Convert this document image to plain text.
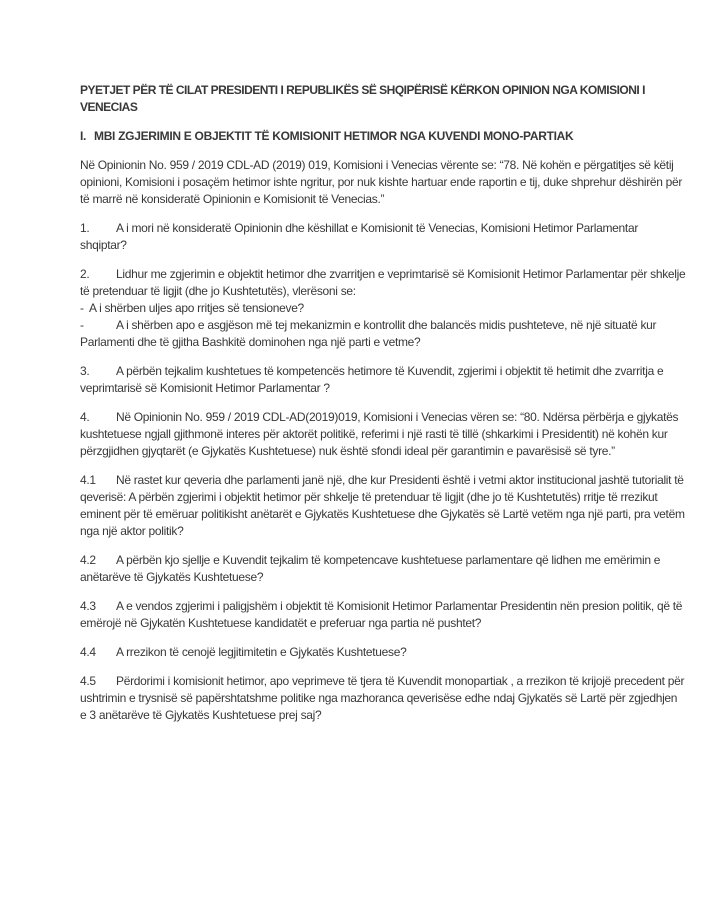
PYETJET PËR TË CILAT PRESIDENTI I REPUBLIKËS SË SHQIPËRISË KËRKON OPINION NGA KOMISIONI I VENECIAS

I. MBI ZGJERIMIN E OBJEKTIT TË KOMISIONIT HETIMOR NGA KUVENDI MONO-PARTIAK

Në Opinionin No. 959 / 2019 CDL-AD (2019) 019, Komisioni i Venecias vërente se: “78. Në kohën e përgatitjes së këtij opinioni, Komisioni i posaçëm hetimor ishte ngritur, por nuk kishte hartuar ende raportin e tij, duke shprehur dëshirën për të marrë në konsideratë Opinionin e Komisionit të Venecias.”

1. A i mori në konsideratë Opinionin dhe këshillat e Komisionit të Venecias, Komisioni Hetimor Parlamentar shqiptar?

2. Lidhur me zgjerimin e objektit hetimor dhe zvarritjen e veprimtarisë së Komisionit Hetimor Parlamentar për shkelje të pretenduar të ligjit (dhe jo Kushtetutës), vlerësoni se:

- A i shërben uljes apo rritjes së tensioneve?

-	A i shërben apo e asgjëson më tej mekanizmin e kontrollit dhe balancës midis pushteteve, në një situatë kur Parlamenti dhe të gjitha Bashkitë dominohen nga një parti e vetme?

3. A përbën tejkalim kushtetues të kompetencës hetimore të Kuvendit, zgjerimi i objektit të hetimit dhe zvarritja e veprimtarisë së Komisionit Hetimor Parlamentar ?

4. Në Opinionin No. 959 / 2019 CDL-AD(2019)019, Komisioni i Venecias vëren se: “80. Ndërsa përbërja e gjykatës kushtetuese ngjall gjithmonë interes për aktorët politikë, referimi i një rasti të tillë (shkarkimi i Presidentit) në kohën kur përzgjidhen gjyqtarët (e Gjykatës Kushtetuese) nuk është sfondi ideal për garantimin e pavarësisë së tyre.”

4.1 Në rastet kur qeveria dhe parlamenti janë një, dhe kur Presidenti është i vetmi aktor institucional jashtë tutorialit të qeverisë: A përbën zgjerimi i objektit hetimor për shkelje të pretenduar të ligjit (dhe jo të Kushtetutës) rritje të rrezikut eminent për të emëruar politikisht anëtarët e Gjykatës Kushtetuese dhe Gjykatës së Lartë vetëm nga një parti, pra vetëm nga një aktor politik?

4.2 A përbën kjo sjellje e Kuvendit tejkalim të kompetencave kushtetuese parlamentare që lidhen me emërimin e anëtarëve të Gjykatës Kushtetuese?

4.3 A e vendos zgjerimi i paligjshëm i objektit të Komisionit Hetimor Parlamentar Presidentin nën presion politik, që të emërojë në Gjykatën Kushtetuese kandidatët e preferuar nga partia në pushtet?

4.4 A rrezikon të cenojë legjitimitetin e Gjykatës Kushtetuese?

4.5 Përdorimi i komisionit hetimor, apo veprimeve të tjera të Kuvendit monopartiak , a rrezikon të krijojë precedent për ushtrimin e trysnisë së papërshtatshme politike nga mazhoranca qeverisëse edhe ndaj Gjykatës së Lartë për zgjedhjen e 3 anëtarëve të Gjykatës Kushtetuese prej saj?
